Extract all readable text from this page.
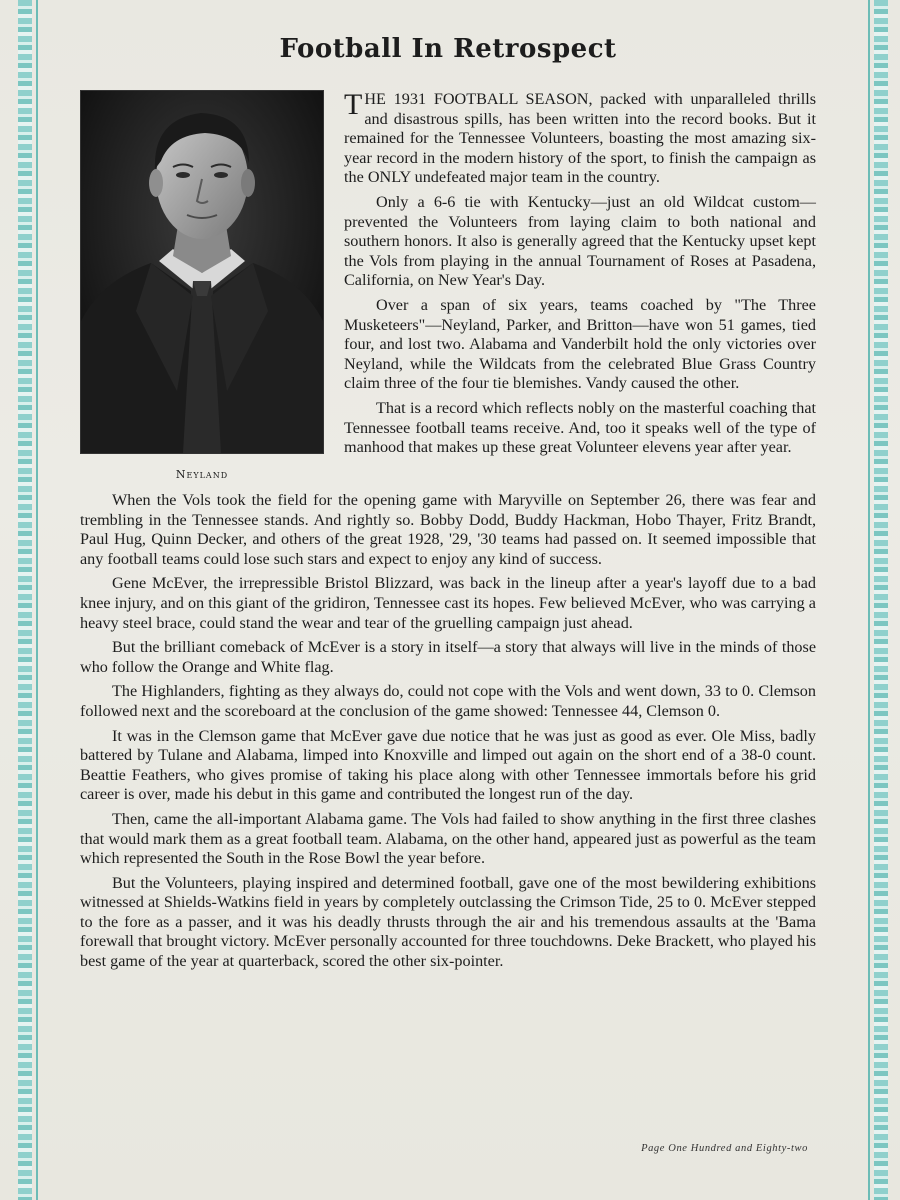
Football In Retrospect
Neyland

THE 1931 FOOTBALL SEASON, packed with unparalleled thrills and disastrous spills, has been written into the record books. But it remained for the Tennessee Volunteers, boasting the most amazing six-year record in the modern history of the sport, to finish the campaign as the ONLY undefeated major team in the country.

Only a 6-6 tie with Kentucky—just an old Wildcat custom—prevented the Volunteers from laying claim to both national and southern honors. It also is generally agreed that the Kentucky upset kept the Vols from playing in the annual Tournament of Roses at Pasadena, California, on New Year's Day.

Over a span of six years, teams coached by "The Three Musketeers"—Neyland, Parker, and Britton—have won 51 games, tied four, and lost two. Alabama and Vanderbilt hold the only victories over Neyland, while the Wildcats from the celebrated Blue Grass Country claim three of the four tie blemishes. Vandy caused the other.

That is a record which reflects nobly on the masterful coaching that Tennessee football teams receive. And, too it speaks well of the type of manhood that makes up these great Volunteer elevens year after year.

When the Vols took the field for the opening game with Maryville on September 26, there was fear and trembling in the Tennessee stands. And rightly so. Bobby Dodd, Buddy Hackman, Hobo Thayer, Fritz Brandt, Paul Hug, Quinn Decker, and others of the great 1928, '29, '30 teams had passed on. It seemed impossible that any football teams could lose such stars and expect to enjoy any kind of success.

Gene McEver, the irrepressible Bristol Blizzard, was back in the lineup after a year's layoff due to a bad knee injury, and on this giant of the gridiron, Tennessee cast its hopes. Few believed McEver, who was carrying a heavy steel brace, could stand the wear and tear of the gruelling campaign just ahead.

But the brilliant comeback of McEver is a story in itself—a story that always will live in the minds of those who follow the Orange and White flag.

The Highlanders, fighting as they always do, could not cope with the Vols and went down, 33 to 0. Clemson followed next and the scoreboard at the conclusion of the game showed: Tennessee 44, Clemson 0.

It was in the Clemson game that McEver gave due notice that he was just as good as ever. Ole Miss, badly battered by Tulane and Alabama, limped into Knoxville and limped out again on the short end of a 38-0 count. Beattie Feathers, who gives promise of taking his place along with other Tennessee immortals before his grid career is over, made his debut in this game and contributed the longest run of the day.

Then, came the all-important Alabama game. The Vols had failed to show anything in the first three clashes that would mark them as a great football team. Alabama, on the other hand, appeared just as powerful as the team which represented the South in the Rose Bowl the year before.

But the Volunteers, playing inspired and determined football, gave one of the most bewildering exhibitions witnessed at Shields-Watkins field in years by completely outclassing the Crimson Tide, 25 to 0. McEver stepped to the fore as a passer, and it was his deadly thrusts through the air and his tremendous assaults at the 'Bama forewall that brought victory. McEver personally accounted for three touchdowns. Deke Brackett, who played his best game of the year at quarterback, scored the other six-pointer.

Page One Hundred and Eighty-two
